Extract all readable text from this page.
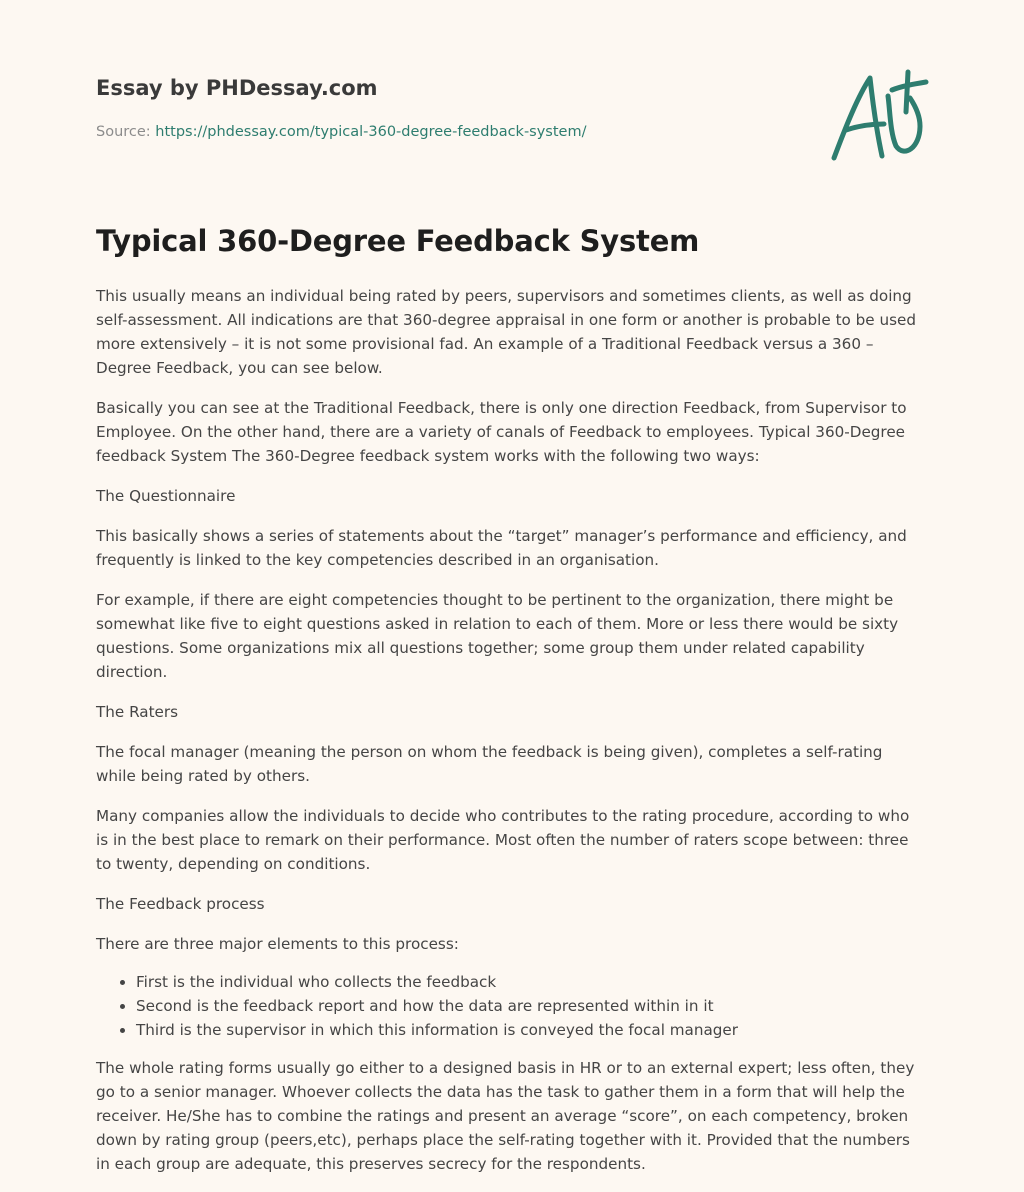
Essay by PHDessay.com

Source: https://phdessay.com/typical-360-degree-feedback-system/

Typical 360-Degree Feedback System

This usually means an individual being rated by peers, supervisors and sometimes clients, as well as doing self-assessment. All indications are that 360-degree appraisal in one form or another is probable to be used more extensively – it is not some provisional fad. An example of a Traditional Feedback versus a 360 – Degree Feedback, you can see below.

Basically you can see at the Traditional Feedback, there is only one direction Feedback, from Supervisor to Employee. On the other hand, there are a variety of canals of Feedback to employees. Typical 360-Degree feedback System The 360-Degree feedback system works with the following two ways:

The Questionnaire

This basically shows a series of statements about the “target” manager’s performance and efficiency, and frequently is linked to the key competencies described in an organisation.

For example, if there are eight competencies thought to be pertinent to the organization, there might be somewhat like five to eight questions asked in relation to each of them. More or less there would be sixty questions. Some organizations mix all questions together; some group them under related capability direction.

The Raters

The focal manager (meaning the person on whom the feedback is being given), completes a self-rating while being rated by others.

Many companies allow the individuals to decide who contributes to the rating procedure, according to who is in the best place to remark on their performance. Most often the number of raters scope between: three to twenty, depending on conditions.

The Feedback process

There are three major elements to this process:

• First is the individual who collects the feedback
• Second is the feedback report and how the data are represented within in it
• Third is the supervisor in which this information is conveyed the focal manager

The whole rating forms usually go either to a designed basis in HR or to an external expert; less often, they go to a senior manager. Whoever collects the data has the task to gather them in a form that will help the receiver. He/She has to combine the ratings and present an average “score”, on each competency, broken down by rating group (peers,etc), perhaps place the self-rating together with it. Provided that the numbers in each group are adequate, this preserves secrecy for the respondents.
